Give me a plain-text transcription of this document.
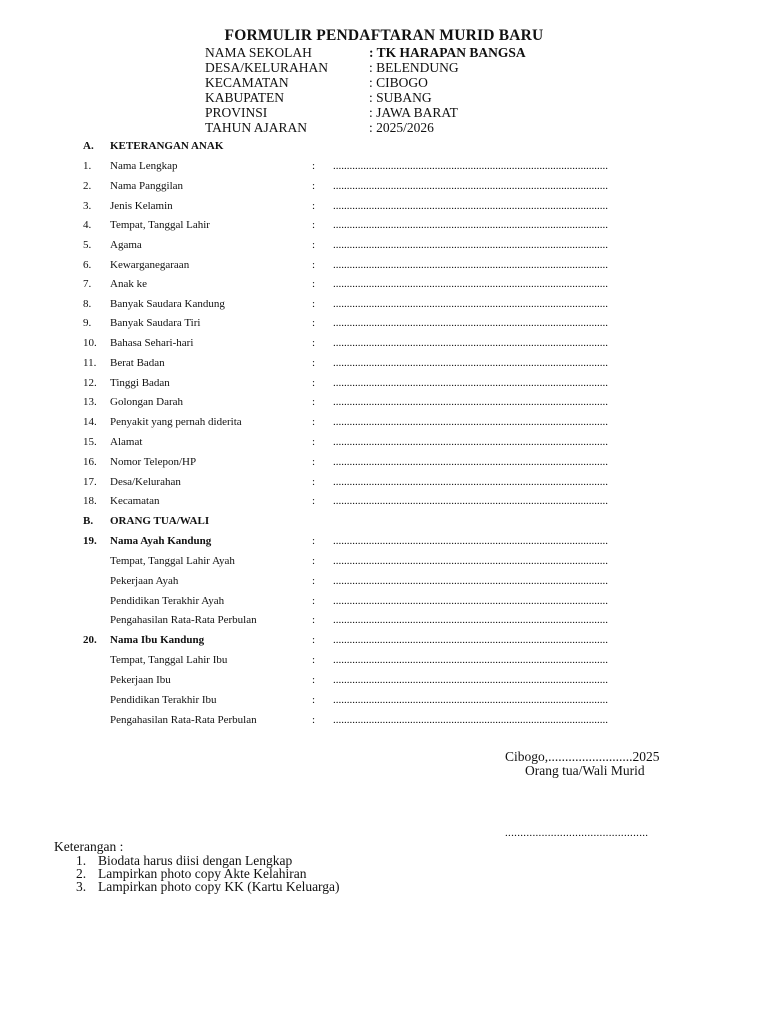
FORMULIR PENDAFTARAN MURID BARU
NAMA SEKOLAH	: TK HARAPAN BANGSA
DESA/KELURAHAN	: BELENDUNG
KECAMATAN	: CIBOGO
KABUPATEN	: SUBANG
PROVINSI	: JAWA BARAT
TAHUN AJARAN	: 2025/2026
A. KETERANGAN ANAK
1. Nama Lengkap	: ....................................................................................................
2. Nama Panggilan	: ....................................................................................................
3. Jenis Kelamin	: ....................................................................................................
4. Tempat, Tanggal Lahir	: ....................................................................................................
5. Agama	: ....................................................................................................
6. Kewarganegaraan	: ....................................................................................................
7. Anak ke	: ....................................................................................................
8. Banyak Saudara Kandung	: ....................................................................................................
9. Banyak Saudara Tiri	: ....................................................................................................
10. Bahasa Sehari-hari	: ....................................................................................................
11. Berat Badan	: ....................................................................................................
12. Tinggi Badan	: ....................................................................................................
13. Golongan Darah	: ....................................................................................................
14. Penyakit yang pernah diderita	: ....................................................................................................
15. Alamat	: ....................................................................................................
16. Nomor Telepon/HP	: ....................................................................................................
17. Desa/Kelurahan	: ....................................................................................................
18. Kecamatan	: ....................................................................................................
B. ORANG TUA/WALI
19. Nama Ayah Kandung	: ....................................................................................................
Tempat, Tanggal Lahir Ayah	: ....................................................................................................
Pekerjaan Ayah	: ....................................................................................................
Pendidikan Terakhir Ayah	: ....................................................................................................
Pengahasilan Rata-Rata Perbulan	: ....................................................................................................
20. Nama Ibu Kandung	: ....................................................................................................
Tempat, Tanggal Lahir Ibu	: ....................................................................................................
Pekerjaan Ibu	: ....................................................................................................
Pendidikan Terakhir Ibu	: ....................................................................................................
Pengahasilan Rata-Rata Perbulan	: ....................................................................................................
Cibogo,.........................2025
Orang tua/Wali Murid
...............................................
Keterangan :
1. Biodata harus diisi dengan Lengkap
2. Lampirkan photo copy Akte Kelahiran
3. Lampirkan photo copy KK (Kartu Keluarga)
